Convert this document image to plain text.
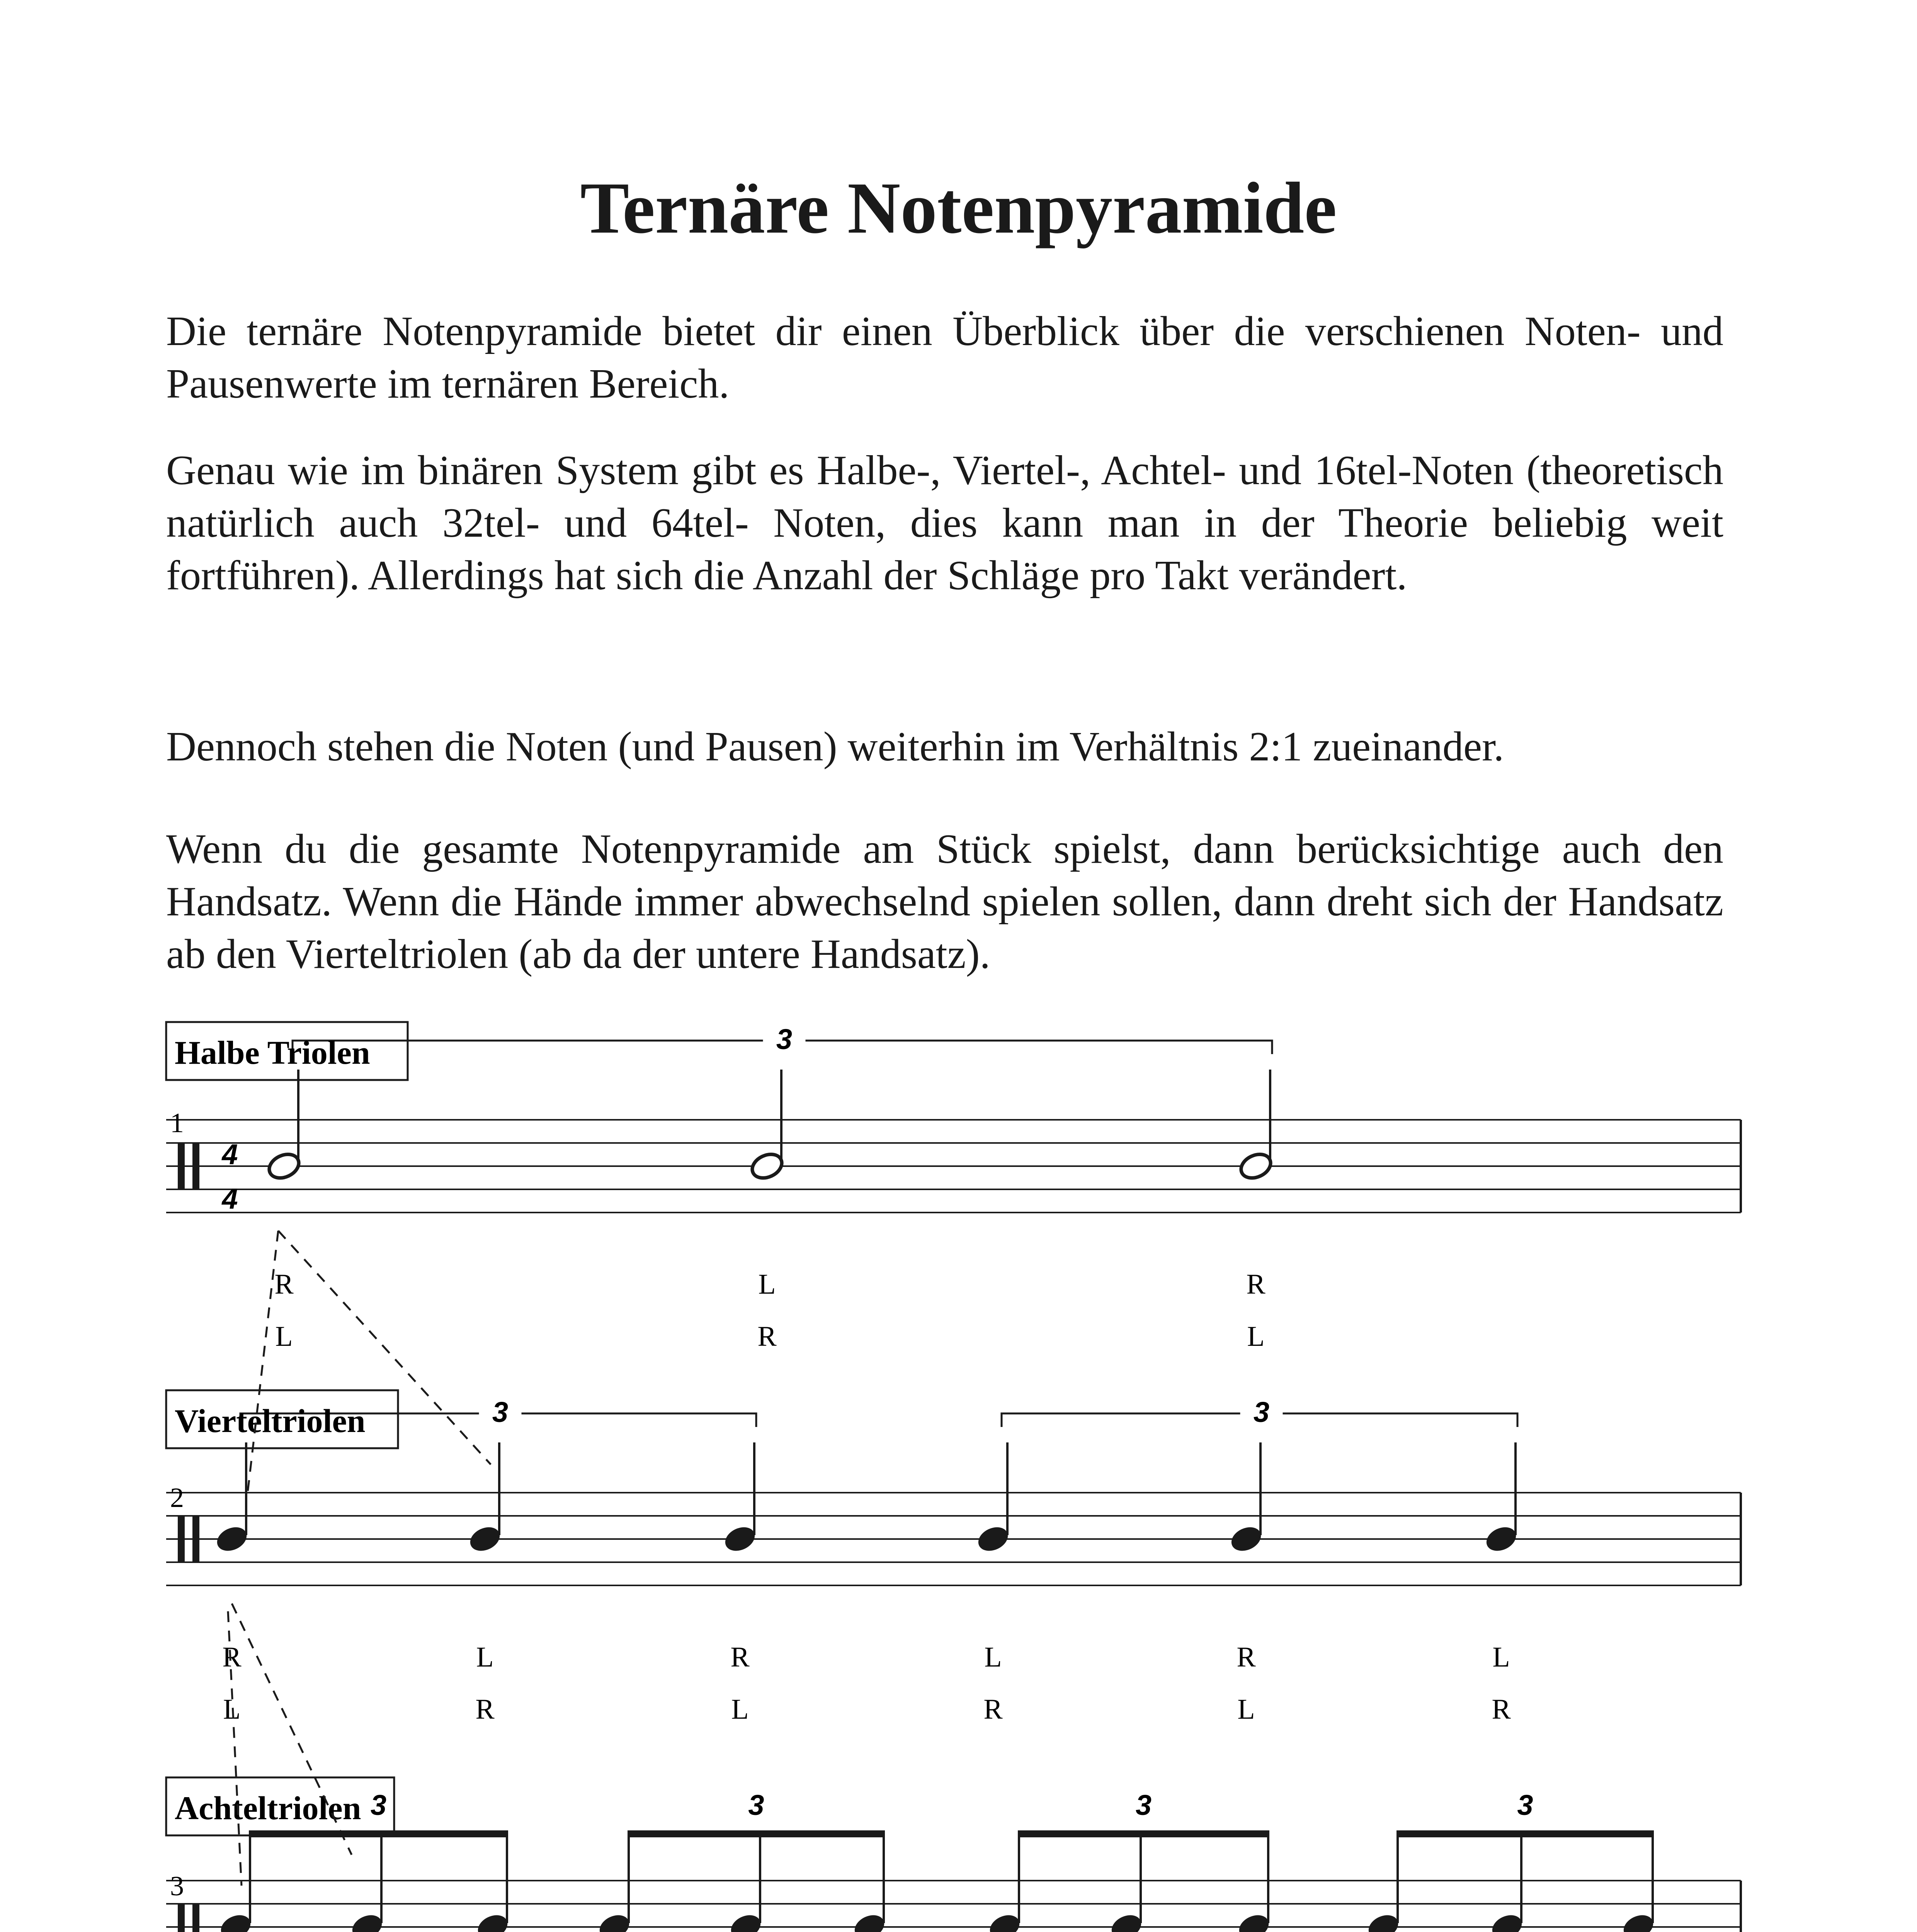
Ternäre Notenpyramide

Die ternäre Notenpyramide bietet dir einen Überblick über die verschienen Noten- und Pausenwerte im ternären Bereich.

Genau wie im binären System gibt es Halbe-, Viertel-, Achtel- und 16tel-Noten (theoretisch natürlich auch 32tel- und 64tel- Noten, dies kann man in der Theorie beliebig weit fortführen). Allerdings hat sich die Anzahl der Schläge pro Takt verändert.

Dennoch stehen die Noten (und Pausen) weiterhin im Verhältnis 2:1 zueinander.

Wenn du die gesamte Notenpyramide am Stück spielst, dann berücksichtige auch den Handsatz. Wenn die Hände immer abwechselnd spielen sollen, dann dreht sich der Handsatz ab den Vierteltriolen (ab da der untere Handsatz).

Halbe Triolen
1
4
4
3
R	L	R
L	R	L
Vierteltriolen
2
3	3
R	L	R	L	R	L
L	R	L	R	L	R
Achteltriolen
3
3	3	3	3
